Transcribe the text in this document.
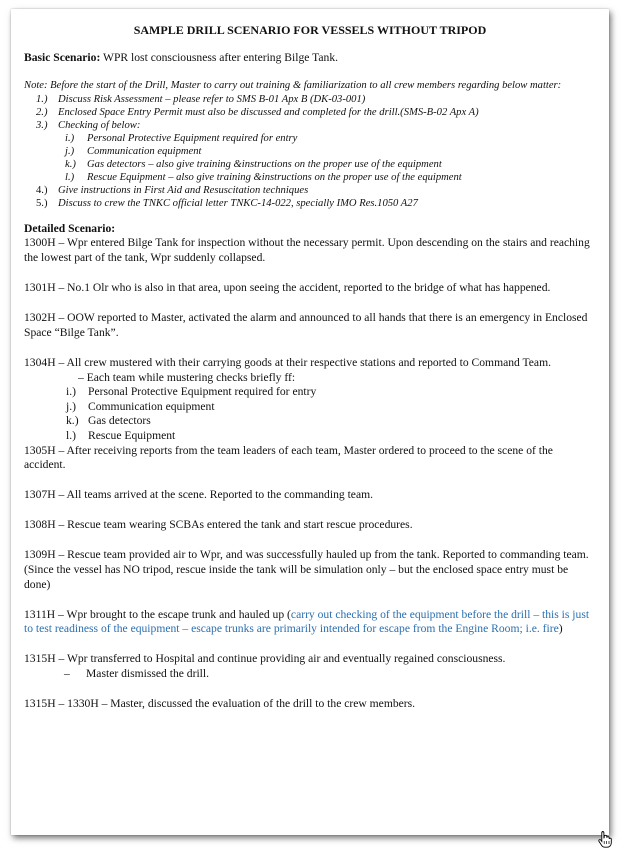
SAMPLE DRILL SCENARIO FOR VESSELS WITHOUT TRIPOD
Basic Scenario: WPR lost consciousness after entering Bilge Tank.
Note: Before the start of the Drill, Master to carry out training & familiarization to all crew members regarding below matter:
1.) Discuss Risk Assessment – please refer to SMS B-01 Apx B (DK-03-001)
2.) Enclosed Space Entry Permit must also be discussed and completed for the drill.(SMS-B-02 Apx A)
3.) Checking of below:
i.) Personal Protective Equipment required for entry
j.) Communication equipment
k.) Gas detectors – also give training &instructions on the proper use of the equipment
l.) Rescue Equipment – also give training &instructions on the proper use of the equipment
4.) Give instructions in First Aid and Resuscitation techniques
5.) Discuss to crew the TNKC official letter TNKC-14-022, specially IMO Res.1050 A27
Detailed Scenario:
1300H – Wpr entered Bilge Tank for inspection without the necessary permit. Upon descending on the stairs and reaching the lowest part of the tank, Wpr suddenly collapsed.
1301H – No.1 Olr who is also in that area, upon seeing the accident, reported to the bridge of what has happened.
1302H – OOW reported to Master, activated the alarm and announced to all hands that there is an emergency in Enclosed Space “Bilge Tank”.
1304H – All crew mustered with their carrying goods at their respective stations and reported to Command Team.
– Each team while mustering checks briefly ff:
i.) Personal Protective Equipment required for entry
j.) Communication equipment
k.) Gas detectors
l.) Rescue Equipment
1305H – After receiving reports from the team leaders of each team, Master ordered to proceed to the scene of the accident.
1307H – All teams arrived at the scene. Reported to the commanding team.
1308H – Rescue team wearing SCBAs entered the tank and start rescue procedures.
1309H – Rescue team provided air to Wpr, and was successfully hauled up from the tank. Reported to commanding team. (Since the vessel has NO tripod, rescue inside the tank will be simulation only – but the enclosed space entry must be done)
1311H – Wpr brought to the escape trunk and hauled up (carry out checking of the equipment before the drill – this is just to test readiness of the equipment – escape trunks are primarily intended for escape from the Engine Room; i.e. fire)
1315H – Wpr transferred to Hospital and continue providing air and eventually regained consciousness.
– Master dismissed the drill.
1315H – 1330H – Master, discussed the evaluation of the drill to the crew members.
